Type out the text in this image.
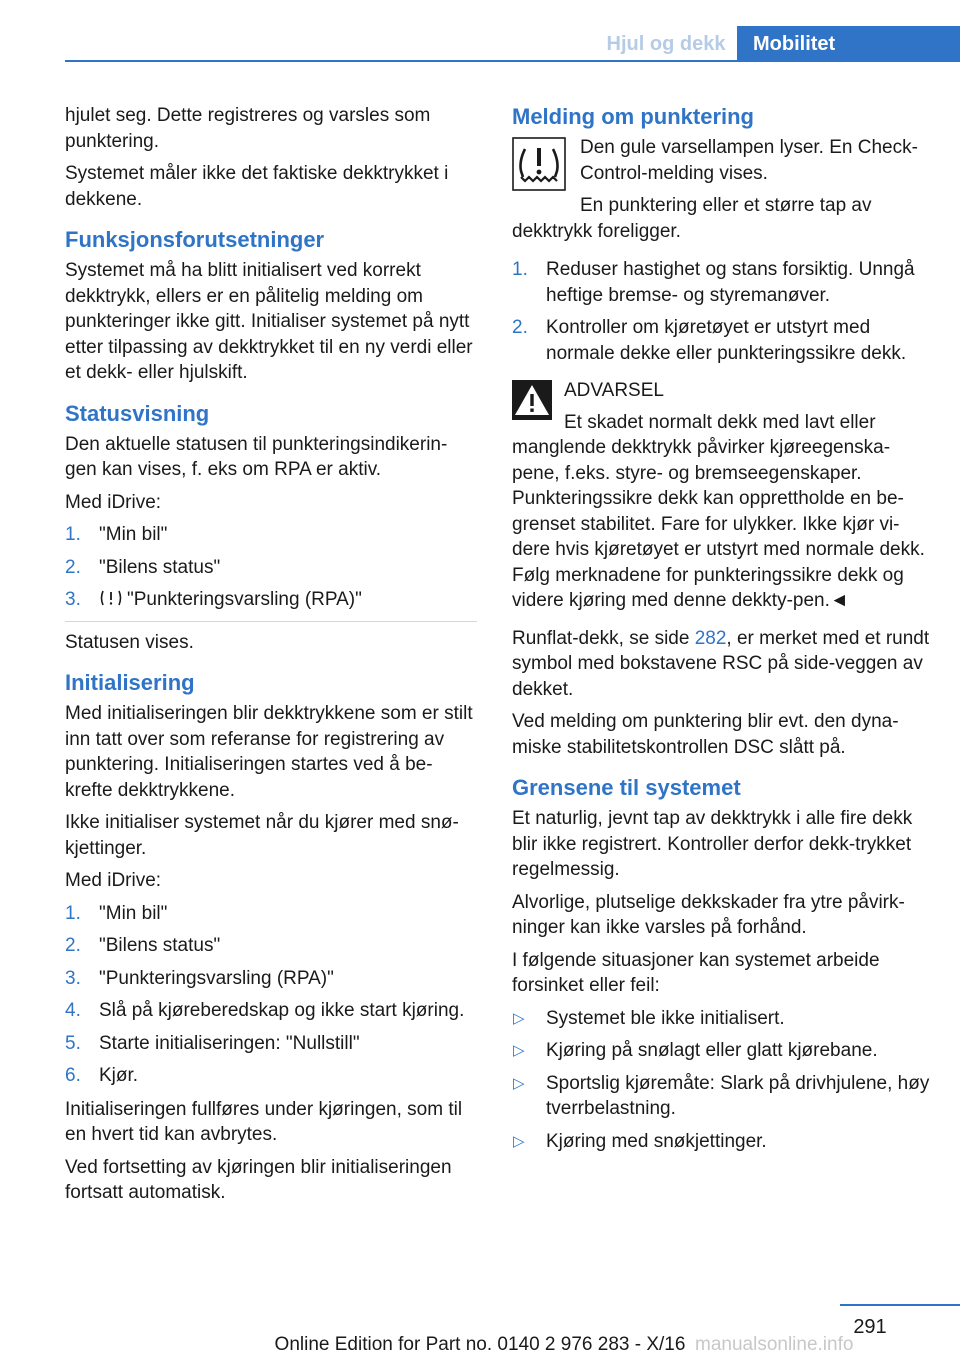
Hjul og dekk	Mobilitet

hjulet seg. Dette registreres og varsles som punktering.

Systemet måler ikke det faktiske dekktrykket i dekkene.

Funksjonsforutsetninger

Systemet må ha blitt initialisert ved korrekt dekktrykk, ellers er en pålitelig melding om punkteringer ikke gitt. Initialiser systemet på nytt etter tilpassing av dekktrykket til en ny verdi eller et dekk- eller hjulskift.

Statusvisning

Den aktuelle statusen til punkteringsindikerin-gen kan vises, f. eks om RPA er aktiv.

Med iDrive:

1. "Min bil"
2. "Bilens status"
3. "Punkteringsvarsling (RPA)"

Statusen vises.

Initialisering

Med initialiseringen blir dekktrykkene som er stilt inn tatt over som referanse for registrering av punktering. Initialiseringen startes ved å be-krefte dekktrykkene.

Ikke initialiser systemet når du kjører med snø-kjettinger.

Med iDrive:

1. "Min bil"
2. "Bilens status"
3. "Punkteringsvarsling (RPA)"
4. Slå på kjøreberedskap og ikke start kjøring.
5. Starte initialiseringen: "Nullstill"
6. Kjør.

Initialiseringen fullføres under kjøringen, som til en hvert tid kan avbrytes.

Ved fortsetting av kjøringen blir initialiseringen fortsatt automatisk.

Melding om punktering

Den gule varsellampen lyser. En Check-Control-melding vises.

En punktering eller et større tap av dekktrykk foreligger.

1. Reduser hastighet og stans forsiktig. Unngå heftige bremse- og styremanøver.
2. Kontroller om kjøretøyet er utstyrt med normale dekke eller punkteringssikre dekk.

ADVARSEL

Et skadet normalt dekk med lavt eller manglende dekktrykk påvirker kjøreegenska-pene, f.eks. styre- og bremseegenskaper. Punkteringssikre dekk kan opprettholde en be-grenset stabilitet. Fare for ulykker. Ikke kjør vi-dere hvis kjøretøyet er utstyrt med normale dekk. Følg merknadene for punkteringssikre dekk og videre kjøring med denne dekkty-pen.◄

Runflat-dekk, se side 282, er merket med et rundt symbol med bokstavene RSC på side-veggen av dekket.

Ved melding om punktering blir evt. den dyna-miske stabilitetskontrollen DSC slått på.

Grensene til systemet

Et naturlig, jevnt tap av dekktrykk i alle fire dekk blir ikke registrert. Kontroller derfor dekk-trykket regelmessig.

Alvorlige, plutselige dekkskader fra ytre påvirk-ninger kan ikke varsles på forhånd.

I følgende situasjoner kan systemet arbeide forsinket eller feil:

▷ Systemet ble ikke initialisert.
▷ Kjøring på snølagt eller glatt kjørebane.
▷ Sportslig kjøremåte: Slark på drivhjulene, høy tverrbelastning.
▷ Kjøring med snøkjettinger.
291
Online Edition for Part no. 0140 2 976 283 - X/16 manualsonline.info
